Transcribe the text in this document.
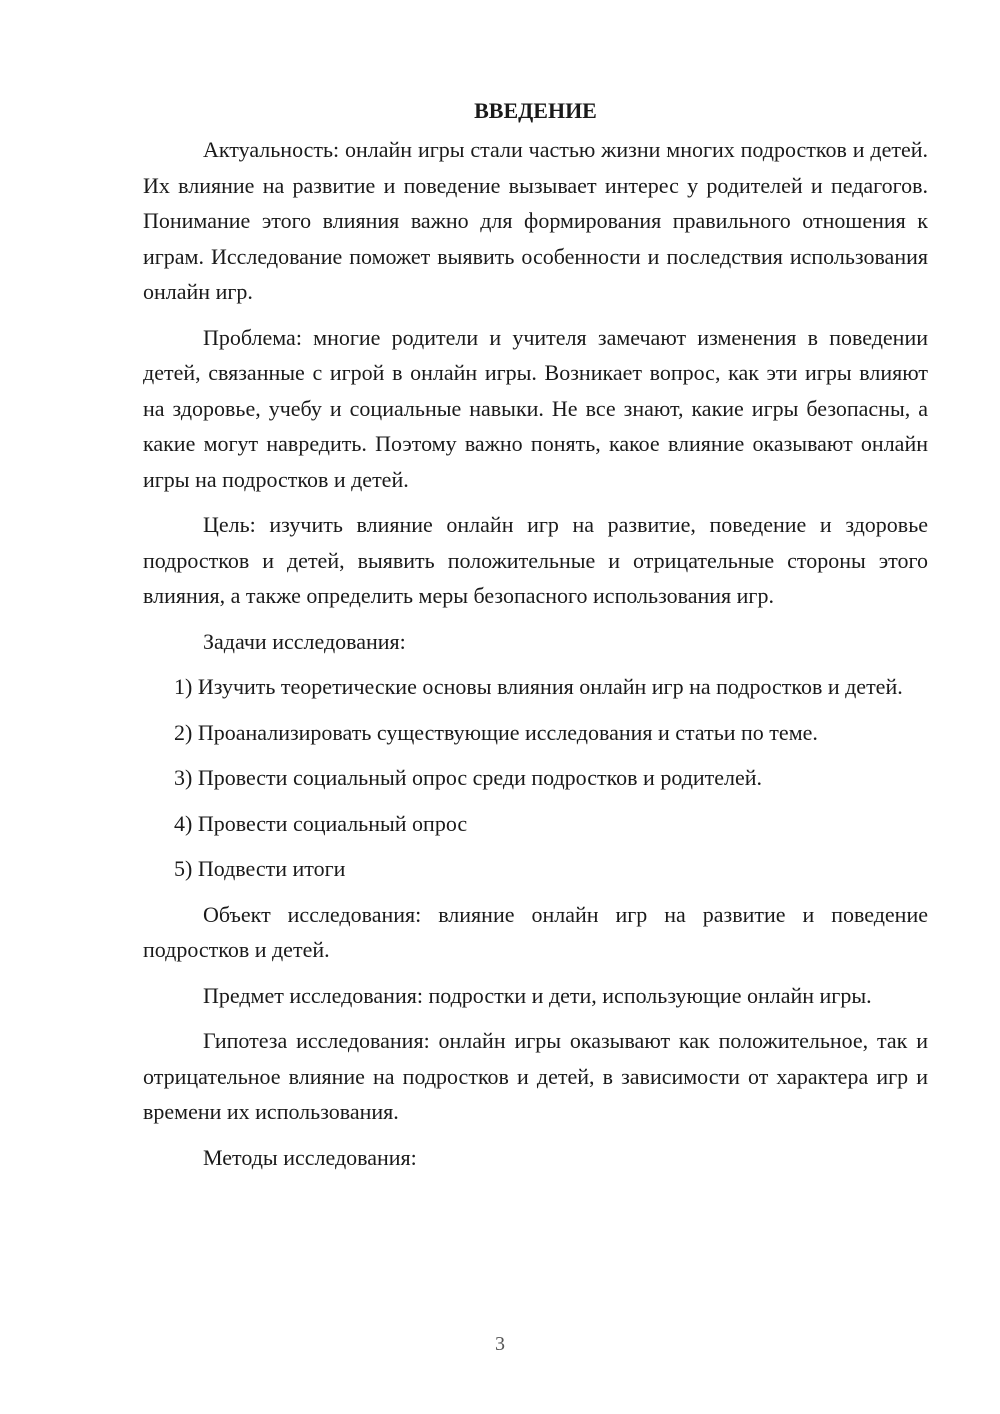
ВВЕДЕНИЕ

Актуальность: онлайн игры стали частью жизни многих подростков и детей. Их влияние на развитие и поведение вызывает интерес у родителей и педагогов. Понимание этого влияния важно для формирования правильного отношения к играм. Исследование поможет выявить особенности и последствия использования онлайн игр.

Проблема: многие родители и учителя замечают изменения в поведении детей, связанные с игрой в онлайн игры. Возникает вопрос, как эти игры влияют на здоровье, учебу и социальные навыки. Не все знают, какие игры безопасны, а какие могут навредить. Поэтому важно понять, какое влияние оказывают онлайн игры на подростков и детей.

Цель: изучить влияние онлайн игр на развитие, поведение и здоровье подростков и детей, выявить положительные и отрицательные стороны этого влияния, а также определить меры безопасного использования игр.

Задачи исследования:

1) Изучить теоретические основы влияния онлайн игр на подростков и детей.

2) Проанализировать существующие исследования и статьи по теме.

3) Провести социальный опрос среди подростков и родителей.

4) Провести социальный опрос

5) Подвести итоги

Объект исследования: влияние онлайн игр на развитие и поведение подростков и детей.

Предмет исследования: подростки и дети, использующие онлайн игры.

Гипотеза исследования: онлайн игры оказывают как положительное, так и отрицательное влияние на подростков и детей, в зависимости от характера игр и времени их использования.

Методы исследования:

3
